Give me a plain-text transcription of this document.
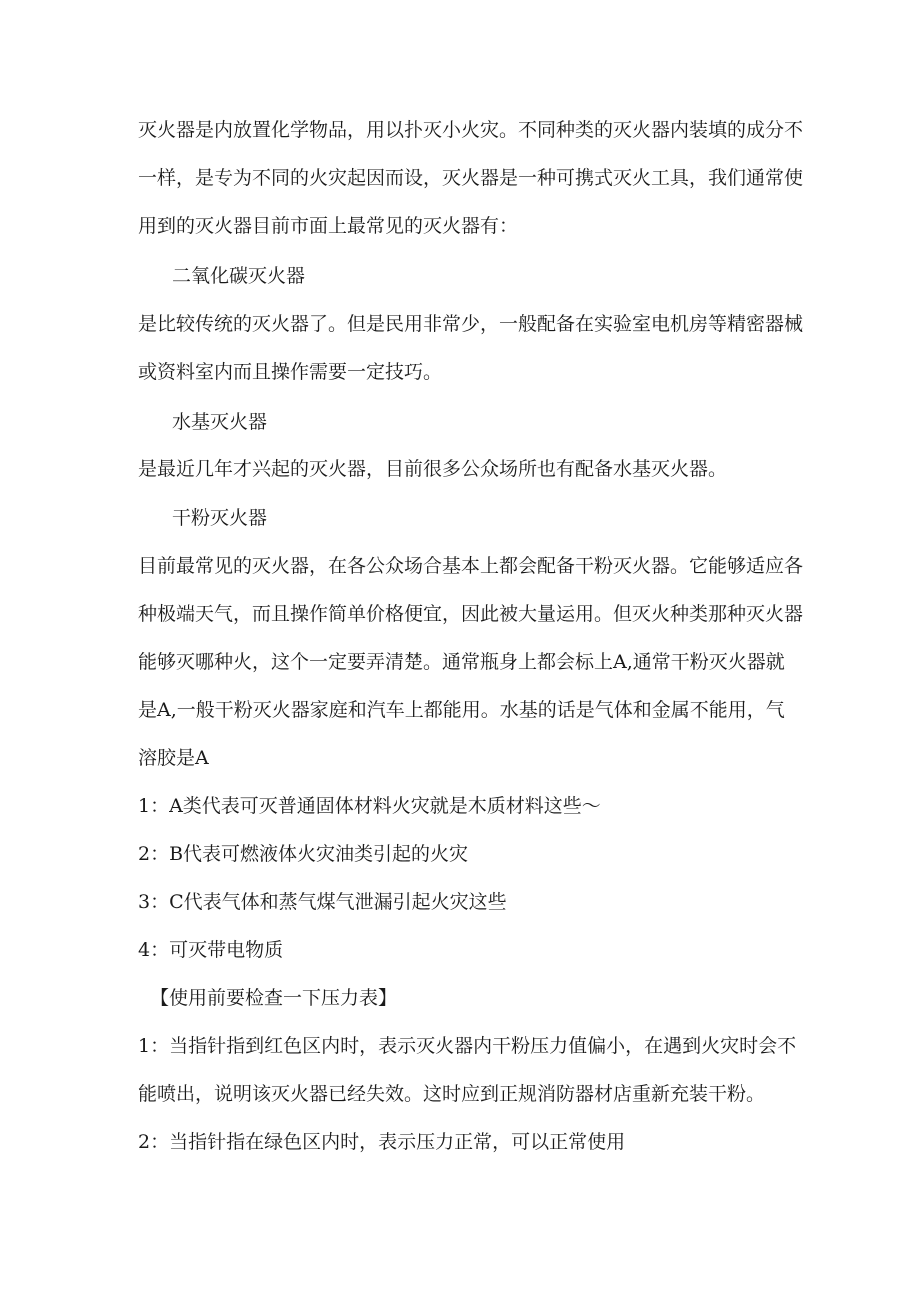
灭火器是内放置化学物品，用以扑灭小火灾。不同种类的灭火器内装填的成分不
一样，是专为不同的火灾起因而设，灭火器是一种可携式灭火工具，我们通常使
用到的灭火器目前市面上最常见的灭火器有：
二氧化碳灭火器
是比较传统的灭火器了。但是民用非常少，一般配备在实验室电机房等精密器械
或资料室内而且操作需要一定技巧。
水基灭火器
是最近几年才兴起的灭火器，目前很多公众场所也有配备水基灭火器。
干粉灭火器
目前最常见的灭火器，在各公众场合基本上都会配备干粉灭火器。它能够适应各
种极端天气，而且操作简单价格便宜，因此被大量运用。但灭火种类那种灭火器
能够灭哪种火，这个一定要弄清楚。通常瓶身上都会标上A,通常干粉灭火器就
是A,一般干粉灭火器家庭和汽车上都能用。水基的话是气体和金属不能用，气
溶胶是A
1：A类代表可灭普通固体材料火灾就是木质材料这些～
2：B代表可燃液体火灾油类引起的火灾
3：C代表气体和蒸气煤气泄漏引起火灾这些
4：可灭带电物质
【使用前要检查一下压力表】
1：当指针指到红色区内时，表示灭火器内干粉压力值偏小，在遇到火灾时会不
能喷出，说明该灭火器已经失效。这时应到正规消防器材店重新充装干粉。
2：当指针指在绿色区内时，表示压力正常，可以正常使用
